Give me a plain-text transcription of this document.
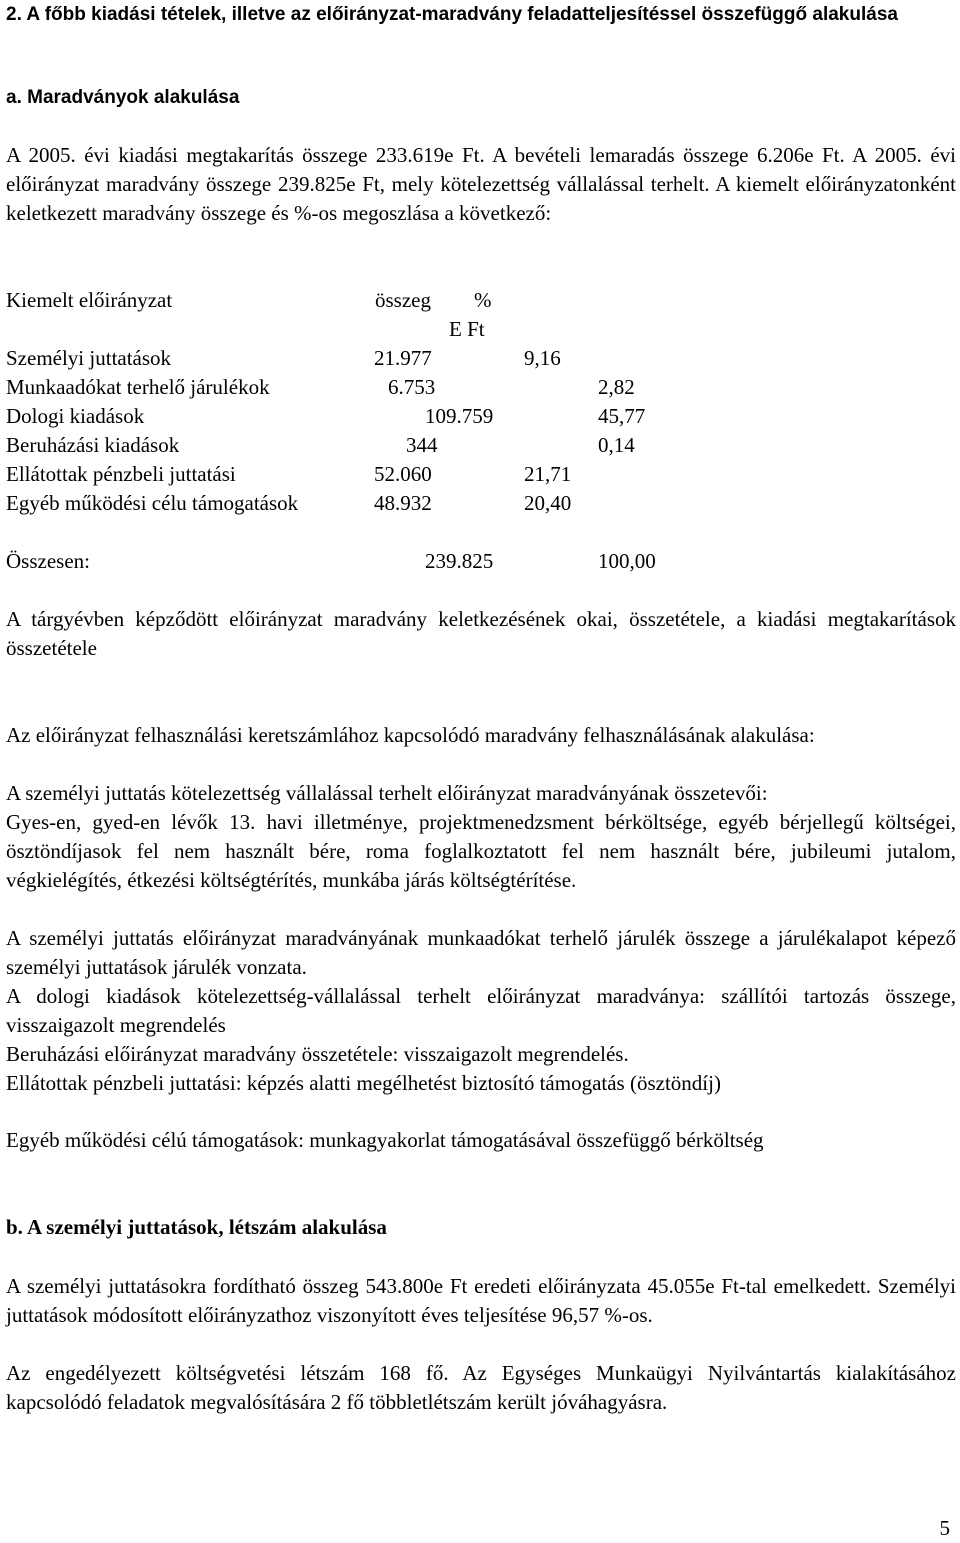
2. A főbb kiadási tételek, illetve az előirányzat-maradvány feladatteljesítéssel összefüggő alakulása
a. Maradványok alakulása

A 2005. évi kiadási megtakarítás összege 233.619e Ft. A bevételi lemaradás összege 6.206e Ft. A 2005. évi előirányzat maradvány összege 239.825e Ft, mely kötelezettség vállalással terhelt. A kiemelt előirányzatonként keletkezett maradvány összege és %-os megoszlása a következő:

Kiemelt előirányzat	összeg %
E Ft
Személyi juttatások	21.977	9,16
Munkaadókat terhelő járulékok	6.753	2,82
Dologi kiadások	109.759	45,77
Beruházási kiadások	344	0,14
Ellátottak pénzbeli juttatási	52.060	21,71
Egyéb működési célu támogatások	48.932	20,40
Összesen:	239.825	100,00

A tárgyévben képződött előirányzat maradvány keletkezésének okai, összetétele, a kiadási megtakarítások összetétele

Az előirányzat felhasználási keretszámlához kapcsolódó maradvány felhasználásának alakulása:

A személyi juttatás kötelezettség vállalással terhelt előirányzat maradványának összetevői:

Gyes-en, gyed-en lévők 13. havi illetménye, projektmenedzsment bérköltsége, egyéb bérjellegű költségei, ösztöndíjasok fel nem használt bére, roma foglalkoztatott fel nem használt bére, jubileumi jutalom, végkielégítés, étkezési költségtérítés, munkába járás költségtérítése.

A személyi juttatás előirányzat maradványának munkaadókat terhelő járulék összege a járulékalapot képező személyi juttatások járulék vonzata.

A dologi kiadások kötelezettség-vállalással terhelt előirányzat maradványa: szállítói tartozás összege, visszaigazolt megrendelés

Beruházási előirányzat maradvány összetétele: visszaigazolt megrendelés.

Ellátottak pénzbeli juttatási: képzés alatti megélhetést biztosító támogatás (ösztöndíj)

Egyéb működési célú támogatások: munkagyakorlat támogatásával összefüggő bérköltség

b. A személyi juttatások, létszám alakulása

A személyi juttatásokra fordítható összeg 543.800e Ft eredeti előirányzata 45.055e Ft-tal emelkedett. Személyi juttatások módosított előirányzathoz viszonyított éves teljesítése 96,57 %-os.

Az engedélyezett költségvetési létszám 168 fő. Az Egységes Munkaügyi Nyilvántartás kialakításához kapcsolódó feladatok megvalósítására 2 fő többletlétszám került jóváhagyásra.

5
